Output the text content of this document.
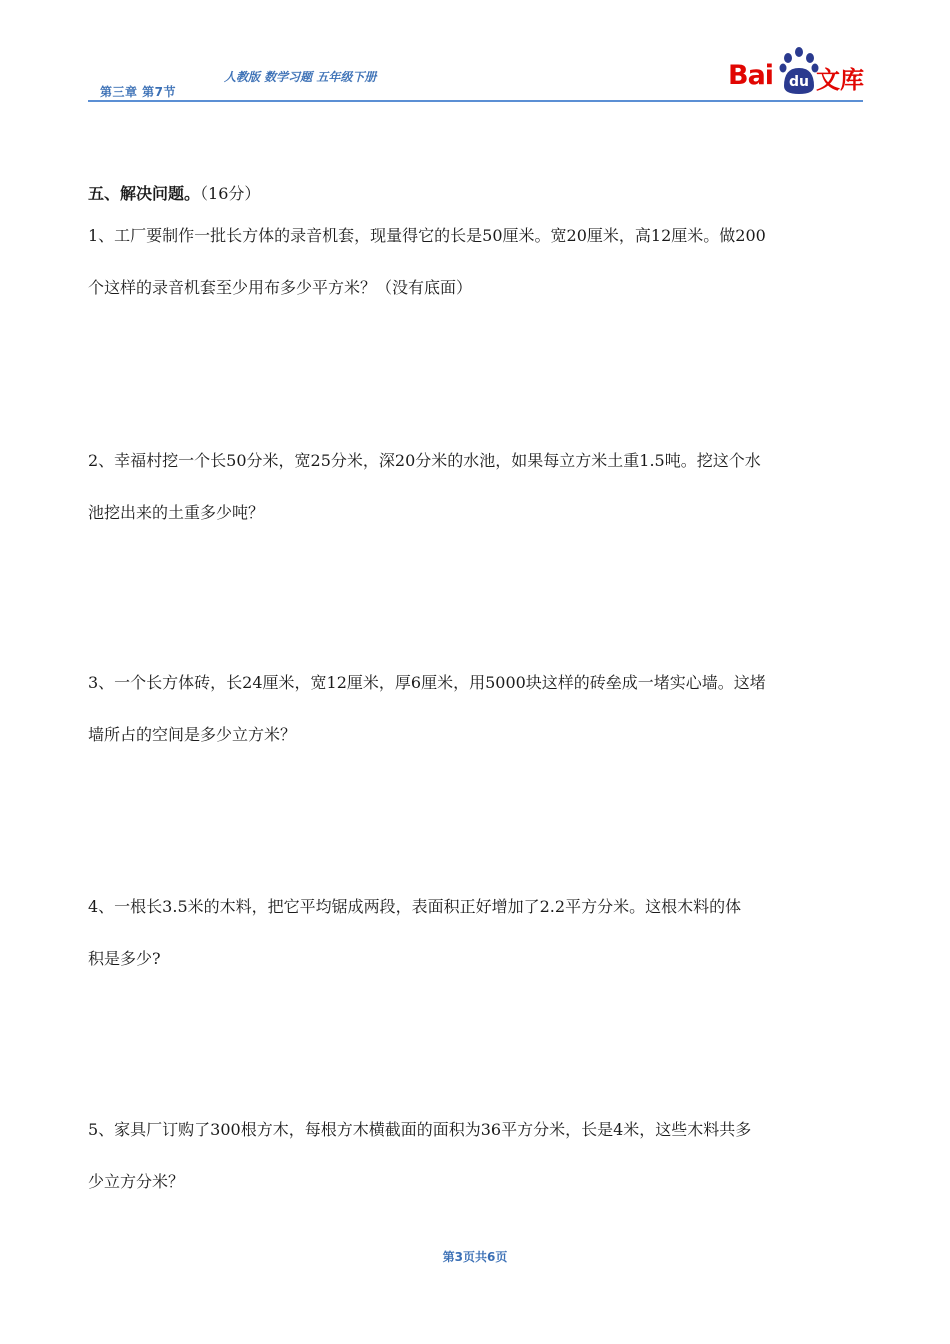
第三章 第7节
人教版 数学习题 五年级下册	Bai	du 文库
五、解决问题。（16分）
1、工厂要制作一批长方体的录音机套，现量得它的长是50厘米。宽20厘米，高12厘米。做200
个这样的录音机套至少用布多少平方米？（没有底面）
2、幸福村挖一个长50分米，宽25分米，深20分米的水池，如果每立方米土重1.5吨。挖这个水
池挖出来的土重多少吨？
3、一个长方体砖，长24厘米，宽12厘米，厚6厘米，用5000块这样的砖垒成一堵实心墙。这堵
墙所占的空间是多少立方米？
4、一根长3.5米的木料，把它平均锯成两段，表面积正好增加了2.2平方分米。这根木料的体
积是多少?
5、家具厂订购了300根方木，每根方木横截面的面积为36平方分米，长是4米，这些木料共多
少立方分米？
第3页共6页
